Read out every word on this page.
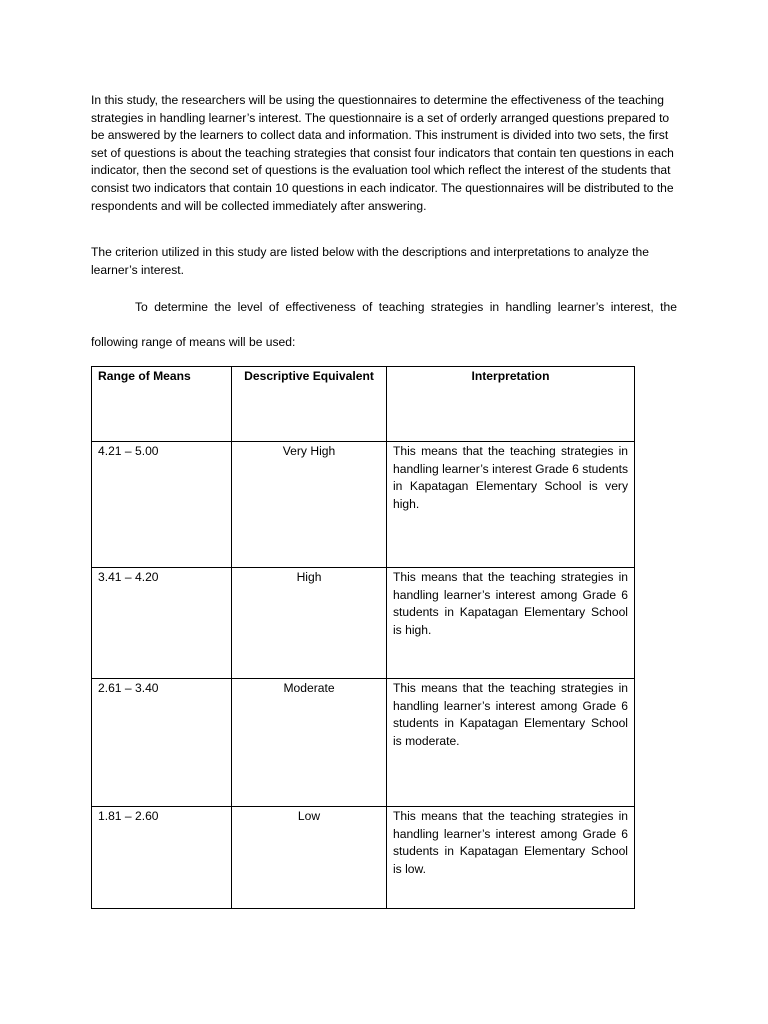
In this study, the researchers will be using the questionnaires to determine the effectiveness of the teaching strategies in handling learner’s interest. The questionnaire is a set of orderly arranged questions prepared to be answered by the learners to collect data and information. This instrument is divided into two sets, the first set of questions is about the teaching strategies that consist four indicators that contain ten questions in each indicator, then the second set of questions is the evaluation tool which reflect the interest of the students that consist two indicators that contain 10 questions in each indicator. The questionnaires will be distributed to the respondents and will be collected immediately after answering.

The criterion utilized in this study are listed below with the descriptions and interpretations to analyze the learner’s interest.

To determine the level of effectiveness of teaching strategies in handling learner’s interest, the following range of means will be used:

Range of Means	Descriptive Equivalent	Interpretation
4.21 – 5.00	Very High	This means that the teaching strategies in handling learner’s interest Grade 6 students in Kapatagan Elementary School is very high.
3.41 – 4.20	High	This means that the teaching strategies in handling learner’s interest among Grade 6 students in Kapatagan Elementary School is high.
2.61 – 3.40	Moderate	This means that the teaching strategies in handling learner’s interest among Grade 6 students in Kapatagan Elementary School is moderate.
1.81 – 2.60	Low	This means that the teaching strategies in handling learner’s interest among Grade 6 students in Kapatagan Elementary School is low.
